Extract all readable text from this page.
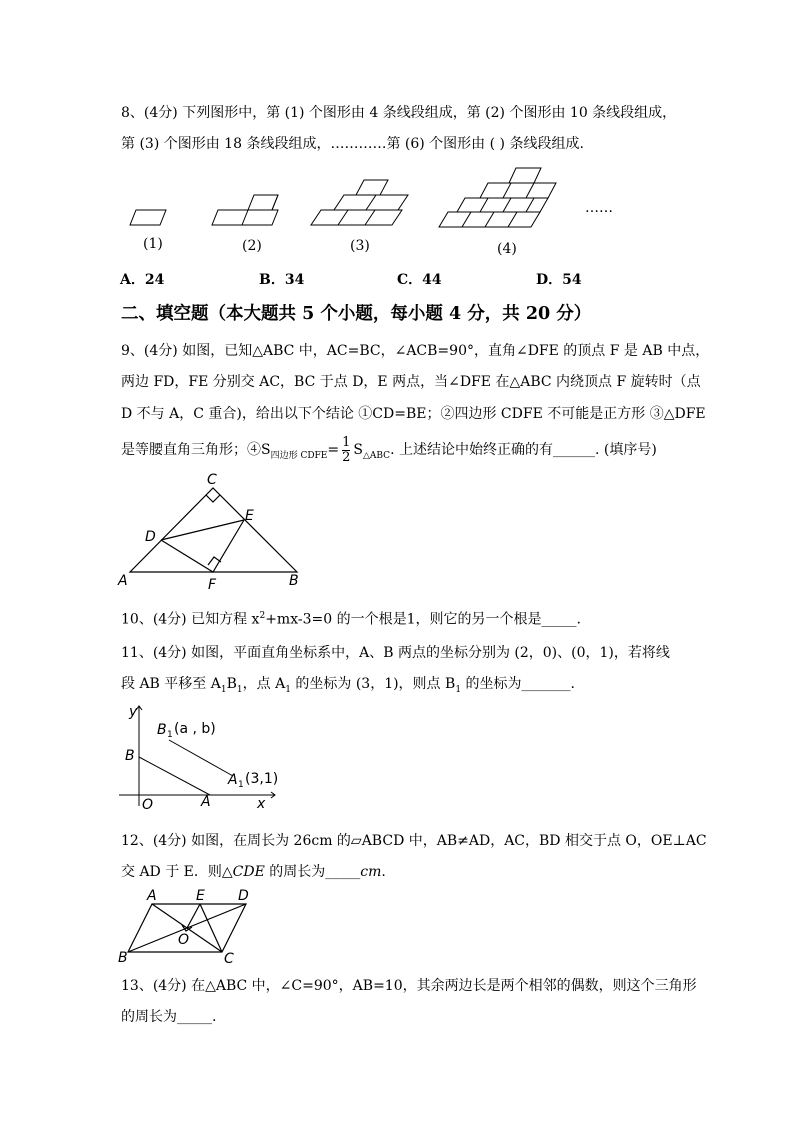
8、(4分) 下列图形中，第 (1) 个图形由 4 条线段组成，第 (2) 个图形由 10 条线段组成，
第 (3) 个图形由 18 条线段组成，…………第 (6) 个图形由 ( ) 条线段组成.
(1)	(2)	(3)	(4)
……
A．24	B．34	C．44	D．54
二、填空题（本大题共 5 个小题，每小题 4 分，共 20 分）
9、(4分) 如图，已知△ABC 中，AC=BC，∠ACB=90°，直角∠DFE 的顶点 F 是 AB 中点，
两边 FD，FE 分别交 AC，BC 于点 D，E 两点，当∠DFE 在△ABC 内绕顶点 F 旋转时（点
D 不与 A，C 重合)，给出以下个结论 ①CD=BE；②四边形 CDFE 不可能是正方形 ③△DFE
是等腰直角三角形；$④S_{四边形 CDFE}= \frac{1}{2} S_{\triangle ABC}$. 上述结论中始终正确的有______. (填序号)
A	B
C
D
E
F
10、(4分) 已知方程 $x^2+mx-3=0$ 的一个根是1，则它的另一个根是_____.
11、(4分) 如图，平面直角坐标系中，A、B 两点的坐标分别为 (2，0)、(0，1)，若将线
段 AB 平移至 $A_1B_1$，点 $A_1$ 的坐标为 (3，1)，则点 $B_1$ 的坐标为_______.
y
x
O	A
B
B 1 (a , b)
A 1 (3,1)
12、(4分) 如图，在周长为 26cm 的▱ABCD 中，AB≠AD，AC，BD 相交于点 O，OE⊥AC
交 AD 于 E．则△CDE 的周长为_____cm.
A	E D
O
B	C
13、(4分) 在△ABC 中，∠C=90°，AB=10，其余两边长是两个相邻的偶数，则这个三角形
的周长为_____.
